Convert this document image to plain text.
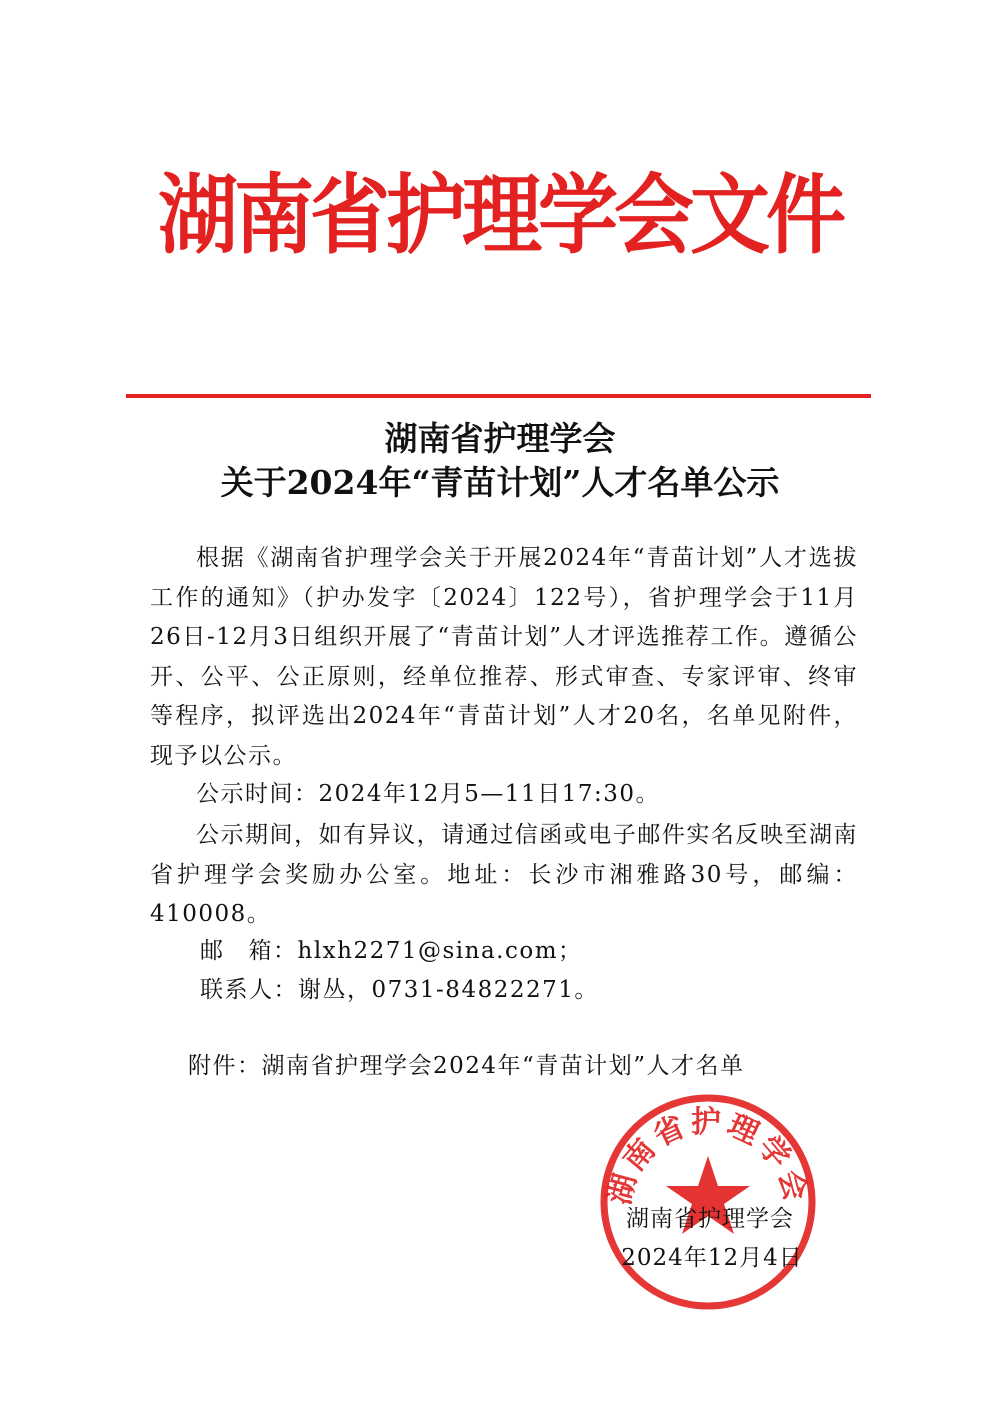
湖南省护理学会文件
湖南省护理学会
关于2024年“青苗计划”人才名单公示

根据《湖南省护理学会关于开展2024年“青苗计划”人才选拔工作的通知》（护办发字〔2024〕122号），省护理学会于11月26日-12月3日组织开展了“青苗计划”人才评选推荐工作。遵循公开、公平、公正原则，经单位推荐、形式审查、专家评审、终审等程序，拟评选出2024年“青苗计划”人才20名，名单见附件，现予以公示。

公示时间：2024年12月5—11日17:30。

公示期间，如有异议，请通过信函或电子邮件实名反映至湖南省护理学会奖励办公室。地址：长沙市湘雅路30号，邮编：410008。

邮 箱：hlxh2271@sina.com；
联系人：谢丛，0731-84822271。
附件：湖南省护理学会2024年“青苗计划”人才名单
湖南省护理学会
湖南省护理学会
2024年12月4日
